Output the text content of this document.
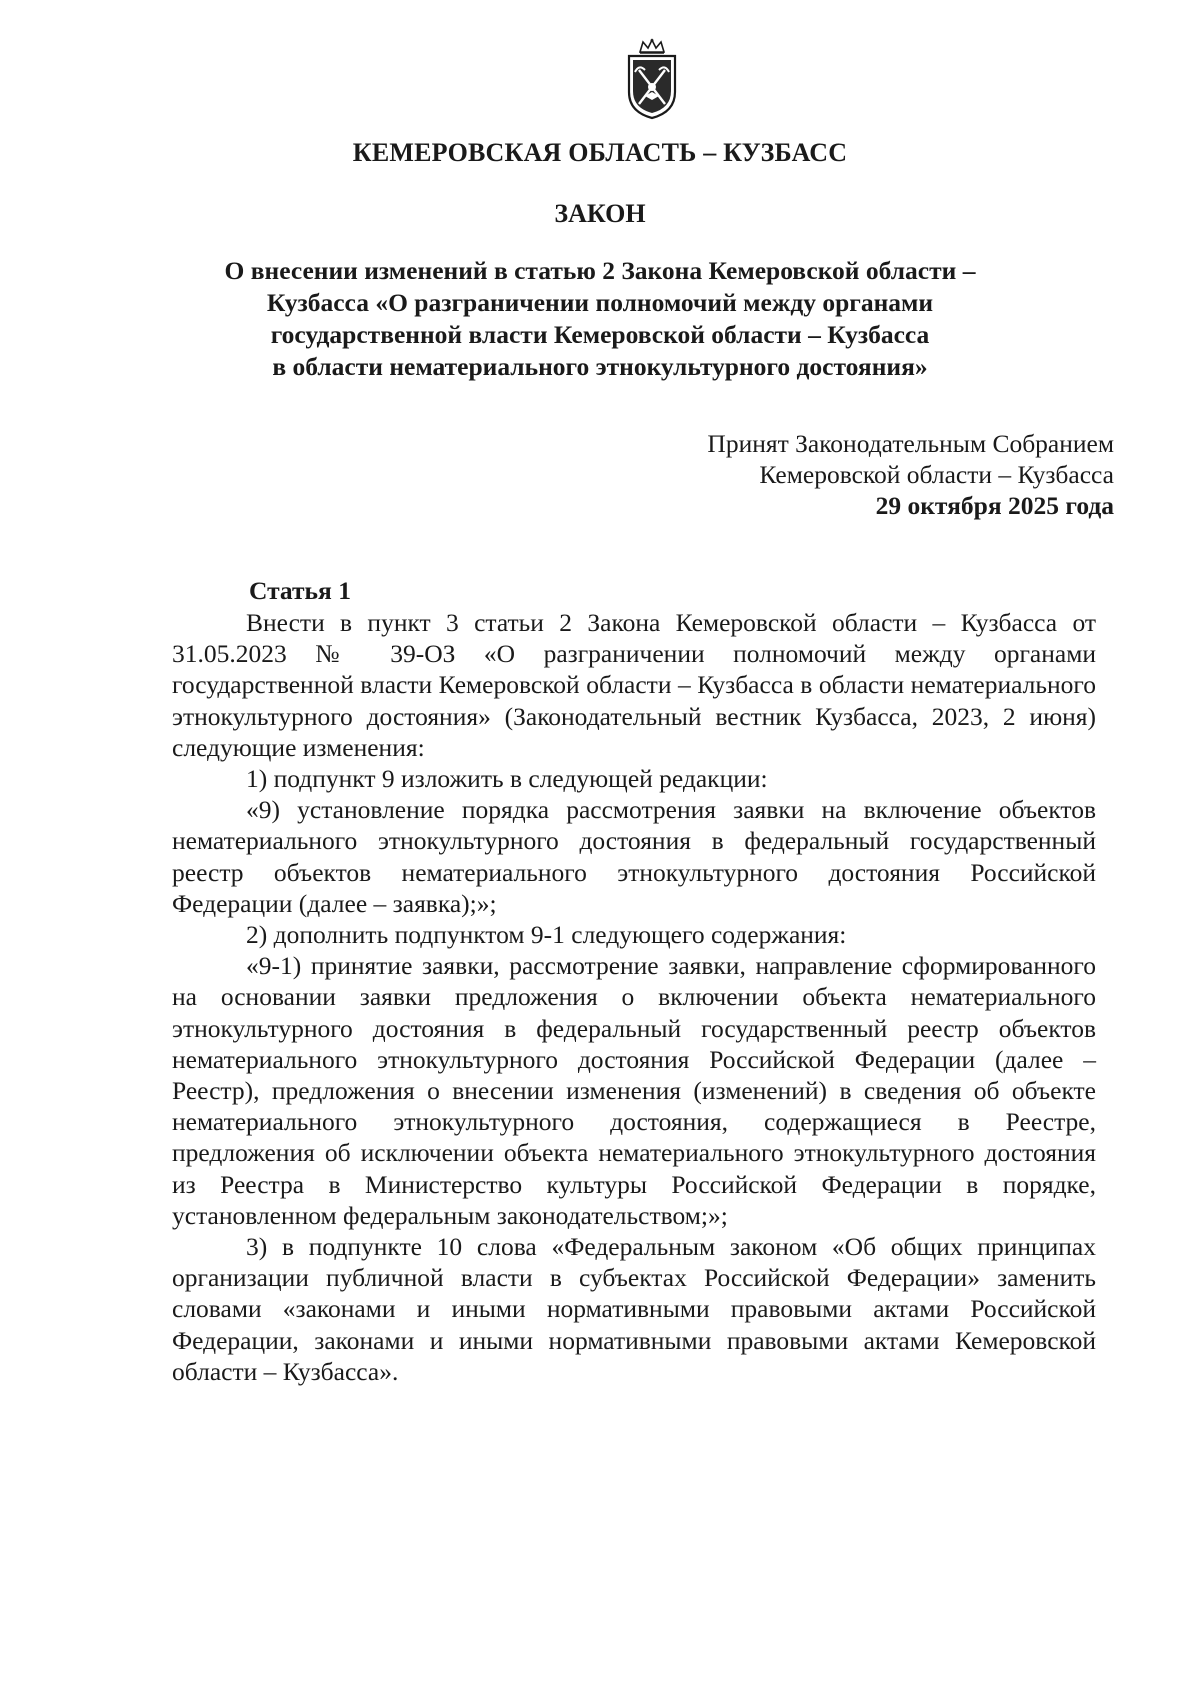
КЕМЕРОВСКАЯ ОБЛАСТЬ – КУЗБАСС
ЗАКОН
О внесении изменений в статью 2 Закона Кемеровской области –
Кузбасса «О разграничении полномочий между органами
государственной власти Кемеровской области – Кузбасса
в области нематериального этнокультурного достояния»
Принят Законодательным Собранием
Кемеровской области – Кузбасса
29 октября 2025 года
Статья 1

Внести в пункт 3 статьи 2 Закона Кемеровской области – Кузбасса от 31.05.2023 № 39-ОЗ «О разграничении полномочий между органами государственной власти Кемеровской области – Кузбасса в области нематериального этнокультурного достояния» (Законодательный вестник Кузбасса, 2023, 2 июня) следующие изменения:

1) подпункт 9 изложить в следующей редакции:

«9) установление порядка рассмотрения заявки на включение объектов нематериального этнокультурного достояния в федеральный государственный реестр объектов нематериального этнокультурного достояния Российской Федерации (далее – заявка);»;

2) дополнить подпунктом 9-1 следующего содержания:

«9-1) принятие заявки, рассмотрение заявки, направление сформированного на основании заявки предложения о включении объекта нематериального этнокультурного достояния в федеральный государственный реестр объектов нематериального этнокультурного достояния Российской Федерации (далее – Реестр), предложения о внесении изменения (изменений) в сведения об объекте нематериального этнокультурного достояния, содержащиеся в Реестре, предложения об исключении объекта нематериального этнокультурного достояния из Реестра в Министерство культуры Российской Федерации в порядке, установленном федеральным законодательством;»;

3) в подпункте 10 слова «Федеральным законом «Об общих принципах организации публичной власти в субъектах Российской Федерации» заменить словами «законами и иными нормативными правовыми актами Российской Федерации, законами и иными нормативными правовыми актами Кемеровской области – Кузбасса».
